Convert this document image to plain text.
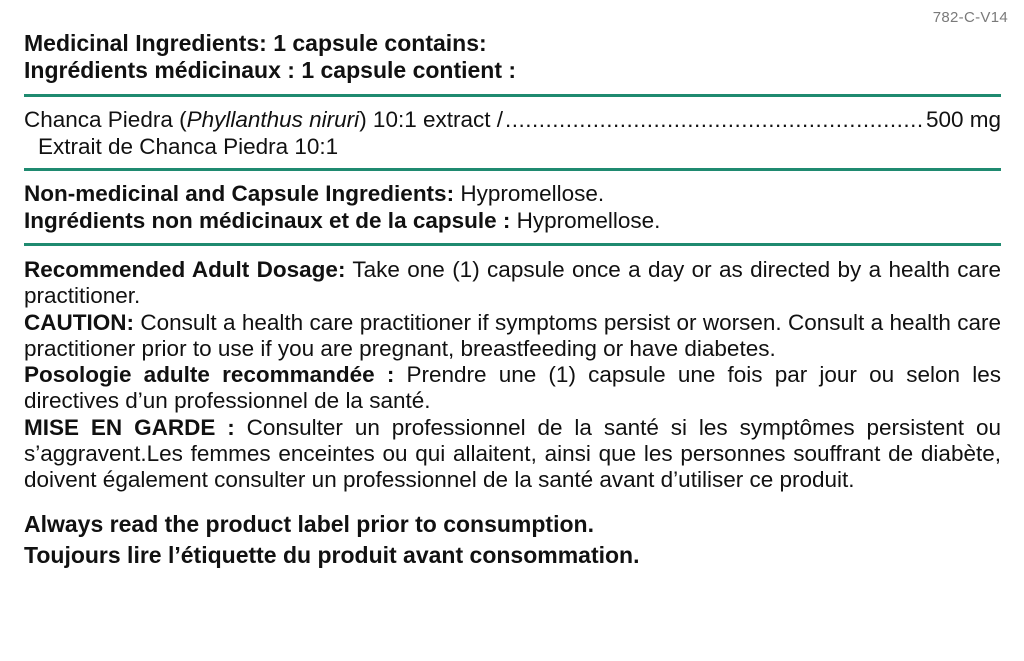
782-C-V14

Medicinal Ingredients: 1 capsule contains:

Ingrédients médicinaux : 1 capsule contient :

Chanca Piedra (Phyllanthus niruri) 10:1 extract /
.....	500 mg
Extrait de Chanca Piedra 10:1
Non-medicinal and Capsule Ingredients: Hypromellose.
Ingrédients non médicinaux et de la capsule : Hypromellose.

Recommended Adult Dosage: Take one (1) capsule once a day or as directed by a health care practitioner.

CAUTION: Consult a health care practitioner if symptoms persist or worsen. Consult a health care practitioner prior to use if you are pregnant, breastfeeding or have diabetes.

Posologie adulte recommandée : Prendre une (1) capsule une fois par jour ou selon les directives d’un professionnel de la santé.

MISE EN GARDE : Consulter un professionnel de la santé si les symptômes persistent ou s’aggravent.Les femmes enceintes ou qui allaitent, ainsi que les personnes souffrant de diabète, doivent également consulter un professionnel de la santé avant d’utiliser ce produit.

Always read the product label prior to consumption.
Toujours lire l’étiquette du produit avant consommation.
